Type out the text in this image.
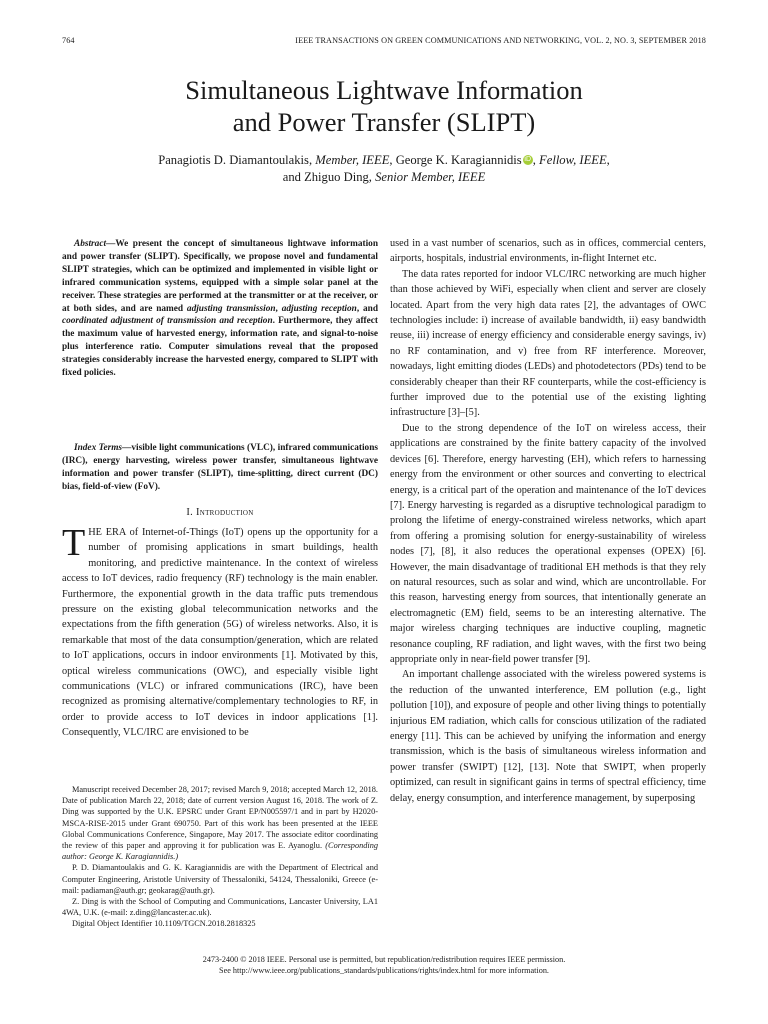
764	IEEE TRANSACTIONS ON GREEN COMMUNICATIONS AND NETWORKING, VOL. 2, NO. 3, SEPTEMBER 2018
Simultaneous Lightwave Information
and Power Transfer (SLIPT)
Panagiotis D. Diamantoulakis, Member, IEEE, George K. Karagiannidis iD , Fellow, IEEE,
and Zhiguo Ding, Senior Member, IEEE

Abstract—We present the concept of simultaneous lightwave information and power transfer (SLIPT). Specifically, we propose novel and fundamental SLIPT strategies, which can be optimized and implemented in visible light or infrared communication systems, equipped with a simple solar panel at the receiver. These strategies are performed at the transmitter or at the receiver, or at both sides, and are named adjusting transmission, adjusting reception, and coordinated adjustment of transmission and reception. Furthermore, they affect the maximum value of harvested energy, information rate, and signal-to-noise plus interference ratio. Computer simulations reveal that the proposed strategies considerably increase the harvested energy, compared to SLIPT with fixed policies.

Index Terms—visible light communications (VLC), infrared communications (IRC), energy harvesting, wireless power transfer, simultaneous lightwave information and power transfer (SLIPT), time-splitting, direct current (DC) bias, field-of-view (FoV).

I. Introduction
THE ERA of Internet-of-Things (IoT) opens up the opportunity for a number of promising applications in smart buildings, health monitoring, and predictive maintenance. In the context of wireless access to IoT devices, radio frequency (RF) technology is the main enabler. Furthermore, the exponential growth in the data traffic puts tremendous pressure on the existing global telecommunication networks and the expectations from the fifth generation (5G) of wireless networks. Also, it is remarkable that most of the data consumption/generation, which are related to IoT applications, occurs in indoor environments [1]. Motivated by this, optical wireless communications (OWC), and especially visible light communications (VLC) or infrared communications (IRC), have been recognized as promising alternative/complementary technologies to RF, in order to provide access to IoT devices in indoor applications [1]. Consequently, VLC/IRC are envisioned to be

Manuscript received December 28, 2017; revised March 9, 2018; accepted March 12, 2018. Date of publication March 22, 2018; date of current version August 16, 2018. The work of Z. Ding was supported by the U.K. EPSRC under Grant EP/N005597/1 and in part by H2020-MSCA-RISE-2015 under Grant 690750. Part of this work has been presented at the IEEE Global Communications Conference, Singapore, May 2017. The associate editor coordinating the review of this paper and approving it for publication was E. Ayanoglu. (Corresponding author: George K. Karagiannidis.)

P. D. Diamantoulakis and G. K. Karagiannidis are with the Department of Electrical and Computer Engineering, Aristotle University of Thessaloniki, 54124, Thessaloniki, Greece (e-mail: padiaman@auth.gr; geokarag@auth.gr).

Z. Ding is with the School of Computing and Communications, Lancaster University, LA1 4WA, U.K. (e-mail: z.ding@lancaster.ac.uk).

Digital Object Identifier 10.1109/TGCN.2018.2818325

used in a vast number of scenarios, such as in offices, commercial centers, airports, hospitals, industrial environments, in-flight Internet etc.

The data rates reported for indoor VLC/IRC networking are much higher than those achieved by WiFi, especially when client and server are closely located. Apart from the very high data rates [2], the advantages of OWC technologies include: i) increase of available bandwidth, ii) easy bandwidth reuse, iii) increase of energy efficiency and considerable energy savings, iv) no RF contamination, and v) free from RF interference. Moreover, nowadays, light emitting diodes (LEDs) and photodetectors (PDs) tend to be considerably cheaper than their RF counterparts, while the cost-efficiency is further improved due to the potential use of the existing lighting infrastructure [3]–[5].

Due to the strong dependence of the IoT on wireless access, their applications are constrained by the finite battery capacity of the involved devices [6]. Therefore, energy harvesting (EH), which refers to harnessing energy from the environment or other sources and converting to electrical energy, is a critical part of the operation and maintenance of the IoT devices [7]. Energy harvesting is regarded as a disruptive technological paradigm to prolong the lifetime of energy-constrained wireless networks, which apart from offering a promising solution for energy-sustainability of wireless nodes [7], [8], it also reduces the operational expenses (OPEX) [6]. However, the main disadvantage of traditional EH methods is that they rely on natural resources, such as solar and wind, which are uncontrollable. For this reason, harvesting energy from sources, that intentionally generate an electromagnetic (EM) field, seems to be an interesting alternative. The major wireless charging techniques are inductive coupling, magnetic resonance coupling, RF radiation, and light waves, with the first two being appropriate only in near-field power transfer [9].

An important challenge associated with the wireless powered systems is the reduction of the unwanted interference, EM pollution (e.g., light pollution [10]), and exposure of people and other living things to potentially injurious EM radiation, which calls for conscious utilization of the radiated energy [11]. This can be achieved by unifying the information and energy transmission, which is the basis of simultaneous wireless information and power transfer (SWIPT) [12], [13]. Note that SWIPT, when properly optimized, can result in significant gains in terms of spectral efficiency, time delay, energy consumption, and interference management, by superposing

2473-2400 © 2018 IEEE. Personal use is permitted, but republication/redistribution requires IEEE permission.
See http://www.ieee.org/publications_standards/publications/rights/index.html for more information.
